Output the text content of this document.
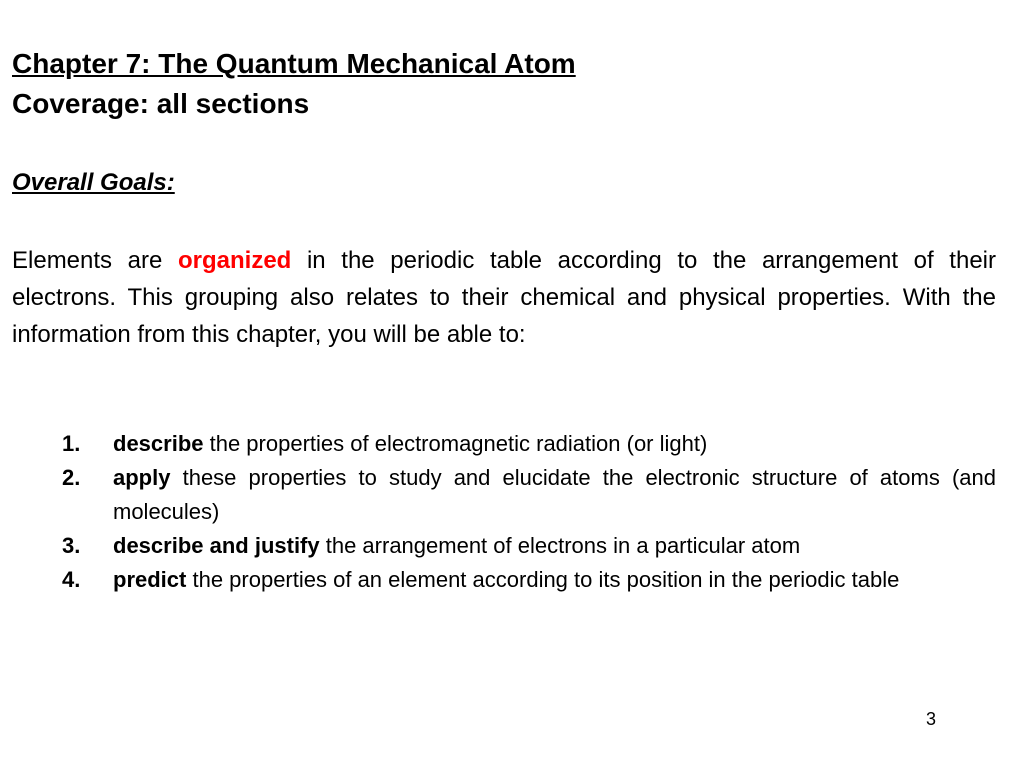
Chapter 7: The Quantum Mechanical Atom
Coverage: all sections
Overall Goals:

Elements are organized in the periodic table according to the arrangement of their electrons. This grouping also relates to their chemical and physical properties. With the information from this chapter, you will be able to:

1. describe the properties of electromagnetic radiation (or light)
2. apply these properties to study and elucidate the electronic structure of atoms (and molecules)
3. describe and justify the arrangement of electrons in a particular atom
4. predict the properties of an element according to its position in the periodic table
3
